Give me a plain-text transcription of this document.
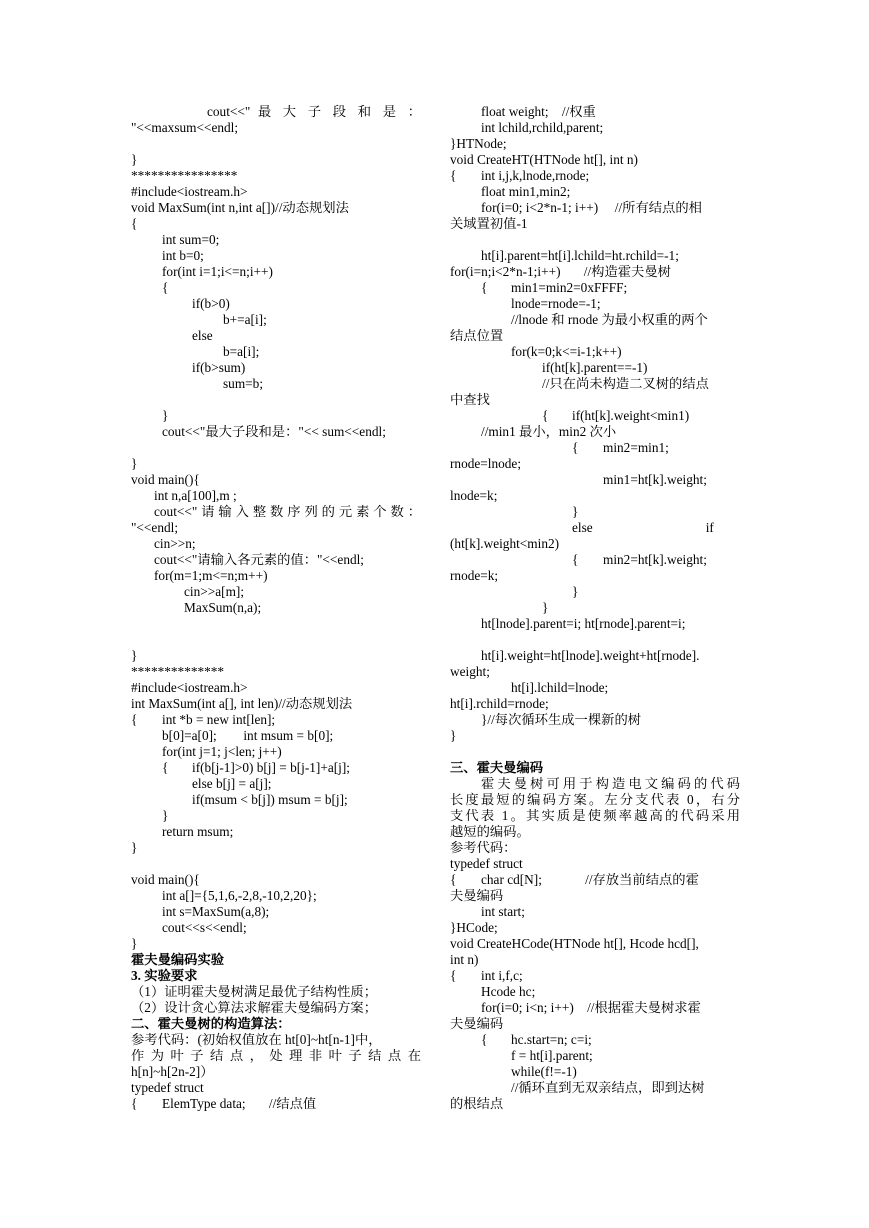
cout<<" 最 大 子 段 和 是 ：
"<<maxsum<<endl;
}
****************
#include<iostream.h>
void MaxSum(int n,int a[])//动态规划法
{
int sum=0;
int b=0;
for(int i=1;i<=n;i++)
{
if(b>0)
b+=a[i];
else
b=a[i];
if(b>sum)
sum=b;
}
cout<<"最大子段和是："<< sum<<endl;
}
void main(){
int n,a[100],m ;
cout<<"请输入整数序列的元素个数：
"<<endl;
cin>>n;
cout<<"请输入各元素的值："<<endl;
for(m=1;m<=n;m++)
cin>>a[m];
MaxSum(n,a);
}
**************
#include<iostream.h>
int MaxSum(int a[], int len)//动态规划法
{ int *b = new int[len];
b[0]=a[0];        int msum = b[0];
for(int j=1; j<len; j++)
{ if(b[j-1]>0) b[j] = b[j-1]+a[j];
else b[j] = a[j];
if(msum < b[j]) msum = b[j];
}
return msum;
}
void main(){
int a[]={5,1,6,-2,8,-10,2,20};
int s=MaxSum(a,8);
cout<<s<<endl;
}
霍夫曼编码实验
3. 实验要求
（1）证明霍夫曼树满足最优子结构性质；
（2）设计贪心算法求解霍夫曼编码方案；
二、霍夫曼树的构造算法：
参考代码：(初始权值放在 ht[0]~ht[n-1]中，
作 为 叶 子 结 点 ， 处 理 非 叶 子 结 点 在
h[n]~h[2n-2]）
typedef struct
{ ElemType data;       //结点值
float weight;    //权重
int lchild,rchild,parent;
}HTNode;
void CreateHT(HTNode ht[], int n)
{ int i,j,k,lnode,rnode;
float min1,min2;
for(i=0; i<2*n-1; i++)     //所有结点的相
关域置初值-1
ht[i].parent=ht[i].lchild=ht.rchild=-1;
for(i=n;i<2*n-1;i++)       //构造霍夫曼树
{ min1=min2=0xFFFF;
lnode=rnode=-1;
//lnode 和 rnode 为最小权重的两个
结点位置
for(k=0;k<=i-1;k++)
if(ht[k].parent==-1)
//只在尚未构造二叉树的结点
中查找
{ if(ht[k].weight<min1)
//min1 最小，min2 次小
{ min2=min1;
rnode=lnode;
min1=ht[k].weight;
lnode=k;
}
else                                  if
(ht[k].weight<min2)
{ min2=ht[k].weight;
rnode=k;
}
}
ht[lnode].parent=i; ht[rnode].parent=i;
ht[i].weight=ht[lnode].weight+ht[rnode].
weight;
ht[i].lchild=lnode;
ht[i].rchild=rnode;
}//每次循环生成一棵新的树
}
三、霍夫曼编码
霍夫曼树可用于构造电文编码的代码
长度最短的编码方案。左分支代表 0，右分
支代表 1。其实质是使频率越高的代码采用
越短的编码。
参考代码：
typedef struct
{ char cd[N];             //存放当前结点的霍
夫曼编码
int start;
}HCode;
void CreateHCode(HTNode ht[], Hcode hcd[],
int n)
{ int i,f,c;
Hcode hc;
for(i=0; i<n; i++)    //根据霍夫曼树求霍
夫曼编码
{ hc.start=n; c=i;
f = ht[i].parent;
while(f!=-1)
//循环直到无双亲结点，即到达树
的根结点
